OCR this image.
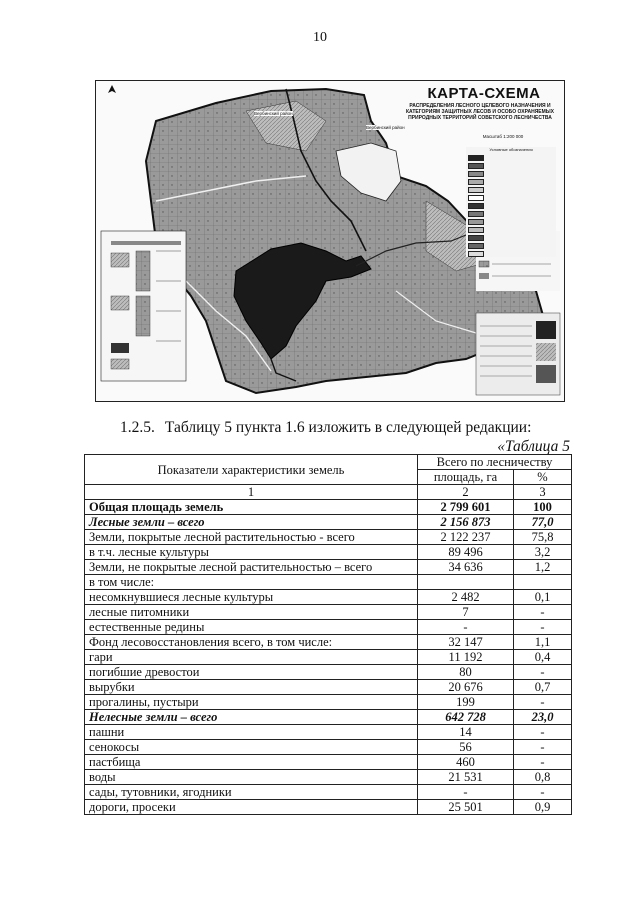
10
КАРТА-СХЕМА
РАСПРЕДЕЛЕНИЯ ЛЕСНОГО ЦЕЛЕВОГО НАЗНАЧЕНИЯ И КАТЕГОРИЯМ ЗАЩИТНЫХ ЛЕСОВ И ОСОБО ОХРАНЯЕМЫХ ПРИРОДНЫХ ТЕРРИТОРИЙ СОВЕТСКОГО ЛЕСНИЧЕСТВА
Масштаб 1:200 000
Условные обозначения
Вербинский район
Вербинский район
1.2.5. Таблицу 5 пункта 1.6 изложить в следующей редакции:
«Таблица 5
Показатели характеристики земель	Всего по лесничеству	
	площадь, га	%
1	2	3
Общая площадь земель	2 799 601	100
Лесные земли – всего	2 156 873	77,0
Земли, покрытые лесной растительностью - всего	2 122 237	75,8
в т.ч. лесные культуры	89 496	3,2
Земли, не покрытые лесной растительностью – всего	34 636	1,2
в том числе:		
несомкнувшиеся лесные культуры	2 482	0,1
лесные питомники	7	-
естественные редины	-	-
Фонд лесовосстановления всего, в том числе:	32 147	1,1
гари	11 192	0,4
погибшие древостои	80	-
вырубки	20 676	0,7
прогалины, пустыри	199	-
Нелесные земли – всего	642 728	23,0
пашни	14	-
сенокосы	56	-
пастбища	460	-
воды	21 531	0,8
сады, тутовники, ягодники	-	-
дороги, просеки	25 501	0,9
